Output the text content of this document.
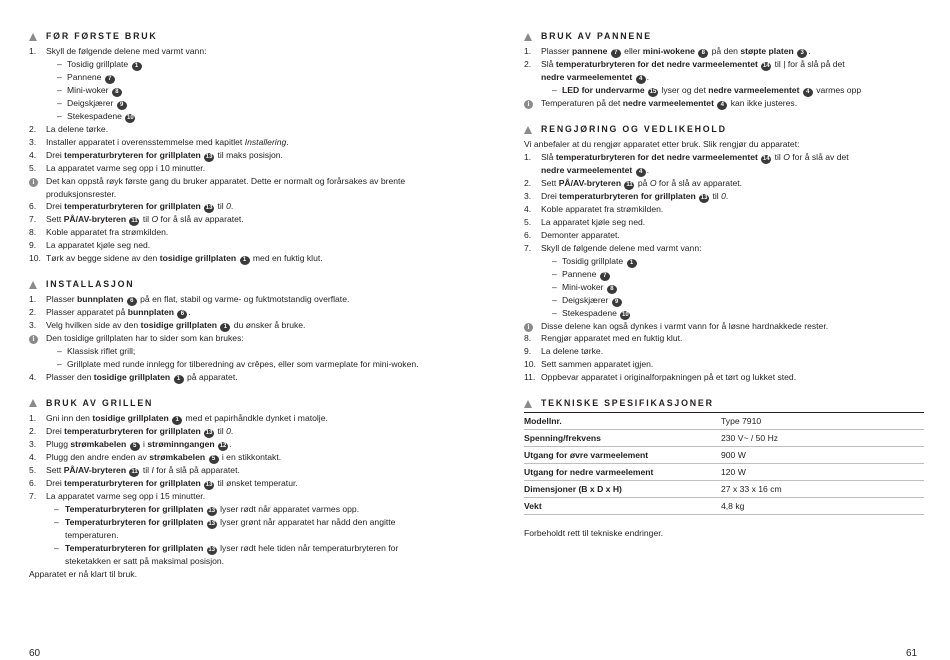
FØR FØRSTE BRUK
1.	Skyll de følgende delene med varmt vann:
– Tosidig grillplate 1
– Pannene 7
– Mini-woker 8
– Deigskjærer 9
– Stekespadene 10
2.	La delene tørke.
3.	Installer apparatet i overensstemmelse med kapitlet Installering.
4.	Drei temperaturbryteren for grillplaten 13 til maks posisjon.
5.	La apparatet varme seg opp i 10 minutter.
i	Det kan oppstå røyk første gang du bruker apparatet. Dette er normalt og forårsakes av brente
produksjonsrester.
6.	Drei temperaturbryteren for grillplaten 13 til 0.
7.	Sett PÅ/AV-bryteren 11 til O for å slå av apparatet.
8.	Koble apparatet fra strømkilden.
9.	La apparatet kjøle seg ned.
10. Tørk av begge sidene av den tosidige grillplaten 1 med en fuktig klut.
INSTALLASJON
1.	Plasser bunnplaten 6 på en flat, stabil og varme- og fuktmotstandig overflate.
2.	Plasser apparatet på bunnplaten 6 .
3.	Velg hvilken side av den tosidige grillplaten 1 du ønsker å bruke.
i	Den tosidige grillplaten har to sider som kan brukes:
– Klassisk riflet grill;
– Grillplate med runde innlegg for tilberedning av crêpes, eller som varmeplate for mini-woken.
4.	Plasser den tosidige grillplaten 1 på apparatet.
BRUK AV GRILLEN
1.	Gni inn den tosidige grillplaten 1 med et papirhåndkle dynket i matolje.
2.	Drei temperaturbryteren for grillplaten 13 til 0.
3.	Plugg strømkabelen 5 i strøminngangen 12 .
4.	Plugg den andre enden av strømkabelen 5 i en stikkontakt.
5.	Sett PÅ/AV-bryteren 11 til I for å slå på apparatet.
6.	Drei temperaturbryteren for grillplaten 13 til ønsket temperatur.
7.	La apparatet varme seg opp i 15 minutter.
– Temperaturbryteren for grillplaten 13 lyser rødt når apparatet varmes opp.
– Temperaturbryteren for grillplaten 13 lyser grønt når apparatet har nådd den angitte
temperaturen.
– Temperaturbryteren for grillplaten 13 lyser rødt hele tiden når temperaturbryteren for
steketakken er satt på maksimal posisjon.
Apparatet er nå klart til bruk.
60
BRUK AV PANNENE
1.	Plasser pannene 7 eller mini-wokene 8 på den støpte platen 3 .
2.	Slå temperaturbryteren for det nedre varmeelementet 14 til | for å slå på det
nedre varmeelementet 4 .
– LED for undervarme 15 lyser og det nedre varmeelementet 4 varmes opp
i	Temperaturen på det nedre varmeelementet 4 kan ikke justeres.
RENGJØRING OG VEDLIKEHOLD
Vi anbefaler at du rengjør apparatet etter bruk. Slik rengjør du apparatet:
1.	Slå temperaturbryteren for det nedre varmeelementet 14 til O for å slå av det
nedre varmeelementet 4 .
2.	Sett PÅ/AV-bryteren 11 på O for å slå av apparatet.
3.	Drei temperaturbryteren for grillplaten 13 til 0.
4.	Koble apparatet fra strømkilden.
5.	La apparatet kjøle seg ned.
6.	Demonter apparatet.
7.	Skyll de følgende delene med varmt vann:
– Tosidig grillplate 1
– Pannene 7
– Mini-woker 8
– Deigskjærer 9
– Stekespadene 10
i	Disse delene kan også dynkes i varmt vann for å løsne hardnakkede rester.
8.	Rengjør apparatet med en fuktig klut.
9.	La delene tørke.
10. Sett sammen apparatet igjen.
11. Oppbevar apparatet i originalforpakningen på et tørt og lukket sted.
TEKNISKE SPESIFIKASJONER
Modellnr.	Type 7910
Spenning/frekvens	230 V~ / 50 Hz
Utgang for øvre varmeelement	900 W
Utgang for nedre varmeelement	120 W
Dimensjoner (B x D x H)	27 x 33 x 16 cm
Vekt	4,8 kg
Forbeholdt rett til tekniske endringer.
61
